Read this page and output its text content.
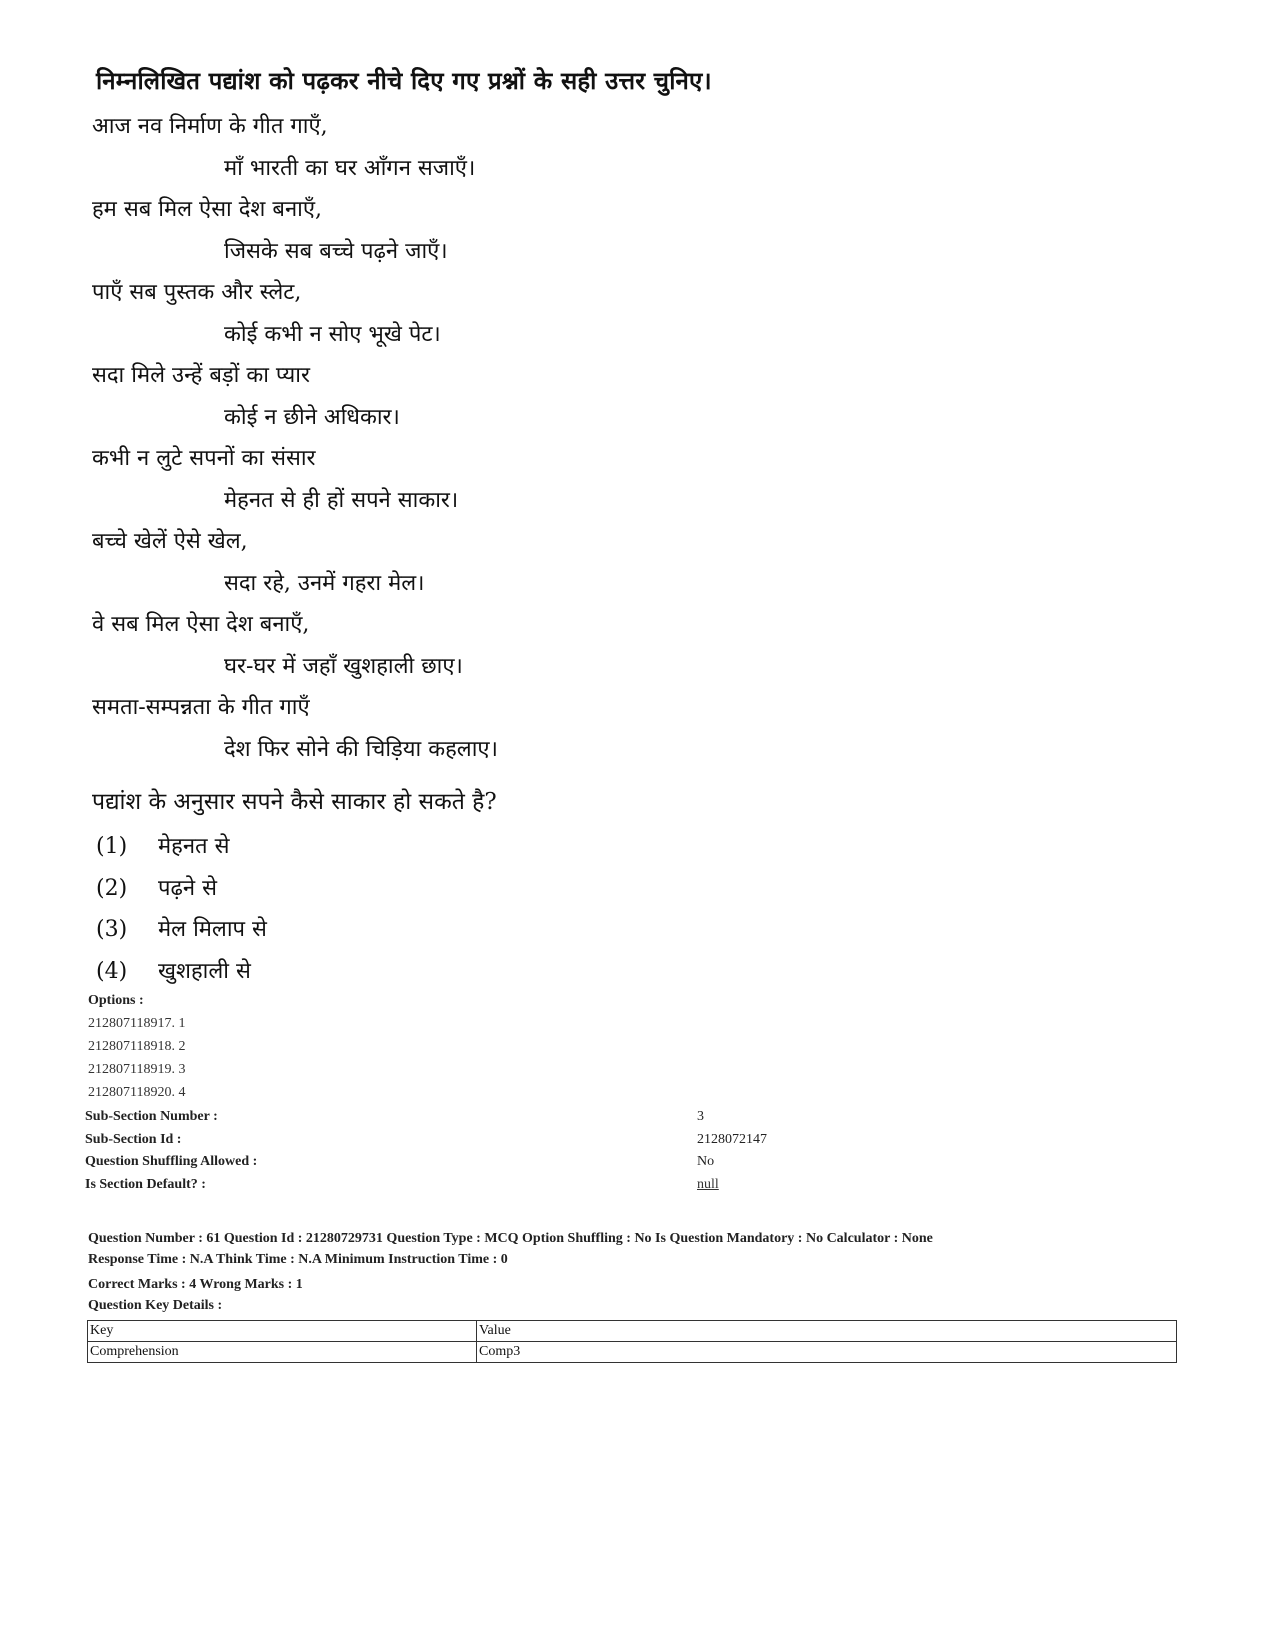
निम्नलिखित पद्यांश को पढ़कर नीचे दिए गए प्रश्नों के सही उत्तर चुनिए।
आज नव निर्माण के गीत गाएँ,
माँ भारती का घर आँगन सजाएँ।
हम सब मिल ऐसा देश बनाएँ,
जिसके सब बच्चे पढ़ने जाएँ।
पाएँ सब पुस्तक और स्लेट,
कोई कभी न सोए भूखे पेट।
सदा मिले उन्हें बड़ों का प्यार
कोई न छीने अधिकार।
कभी न लुटे सपनों का संसार
मेहनत से ही हों सपने साकार।
बच्चे खेलें ऐसे खेल,
सदा रहे, उनमें गहरा मेल।
वे सब मिल ऐसा देश बनाएँ,
घर-घर में जहाँ खुशहाली छाए।
समता-सम्पन्नता के गीत गाएँ
देश फिर सोने की चिड़िया कहलाए।
पद्यांश के अनुसार सपने कैसे साकार हो सकते है?
(1) मेहनत से
(2) पढ़ने से
(3) मेल मिलाप से
(4) खुशहाली से
Options :
212807118917. 1
212807118918. 2
212807118919. 3
212807118920. 4
Sub-Section Number :	3
Sub-Section Id :	2128072147
Question Shuffling Allowed :	No
Is Section Default? :	null
Question Number : 61 Question Id : 2128072973​1 Question Type : MCQ Option Shuffling : No Is Question Mandatory : No Calculator : None
Response Time : N.A Think Time : N.A Minimum Instruction Time : 0
Correct Marks : 4 Wrong Marks : 1
Question Key Details :
Key	Value
Comprehension	Comp3
